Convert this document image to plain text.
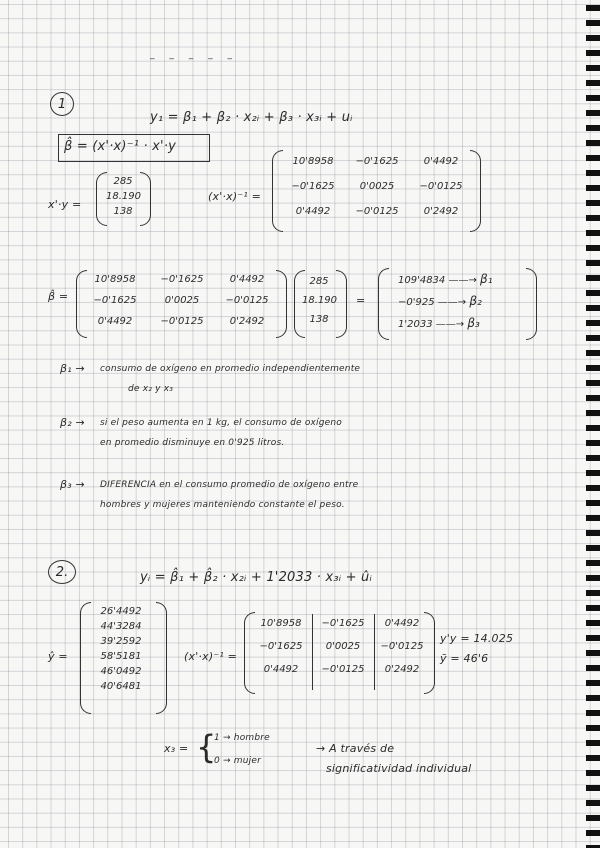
_ _ _ _ _
1
y₁ = β₁ + β₂ · x₂ᵢ + β₃ · x₃ᵢ + uᵢ
β̂ = (x'·x)⁻¹ · x'·y
x'·y =
285
18.190
138
(x'·x)⁻¹ =
10'8958	−0'1625	0'4492
−0'1625	0'0025	−0'0125
0'4492	−0'0125	0'2492
β̂ =
10'8958	−0'1625	0'4492
−0'1625	0'0025	−0'0125
0'4492	−0'0125	0'2492
285
18.190
138
=
109'4834 ——→ β₁
−0'925 ——→ β₂
1'2033 ——→ β₃
β₁ → consumo de oxígeno en promedio independientemente
de x₂ y x₃
β₂ → si el peso aumenta en 1 kg, el consumo de oxígeno
en promedio disminuye en 0'925 litros.
β₃ → DIFERENCIA en el consumo promedio de oxígeno entre
hombres y mujeres manteniendo constante el peso.
2.	yᵢ = β̂₁ + β̂₂ · x₂ᵢ + 1'2033 · x₃ᵢ + ûᵢ
ŷ =
26'4492
44'3284
39'2592
58'5181
46'0492
40'6481
(x'·x)⁻¹ =
10'8958	−0'1625	0'4492
−0'1625	0'0025	−0'0125
0'4492	−0'0125	0'2492
y'y = 14.025
ȳ = 46'6
x₃ = {
1 → hombre
0 → mujer
→ A través de
significatividad individual
